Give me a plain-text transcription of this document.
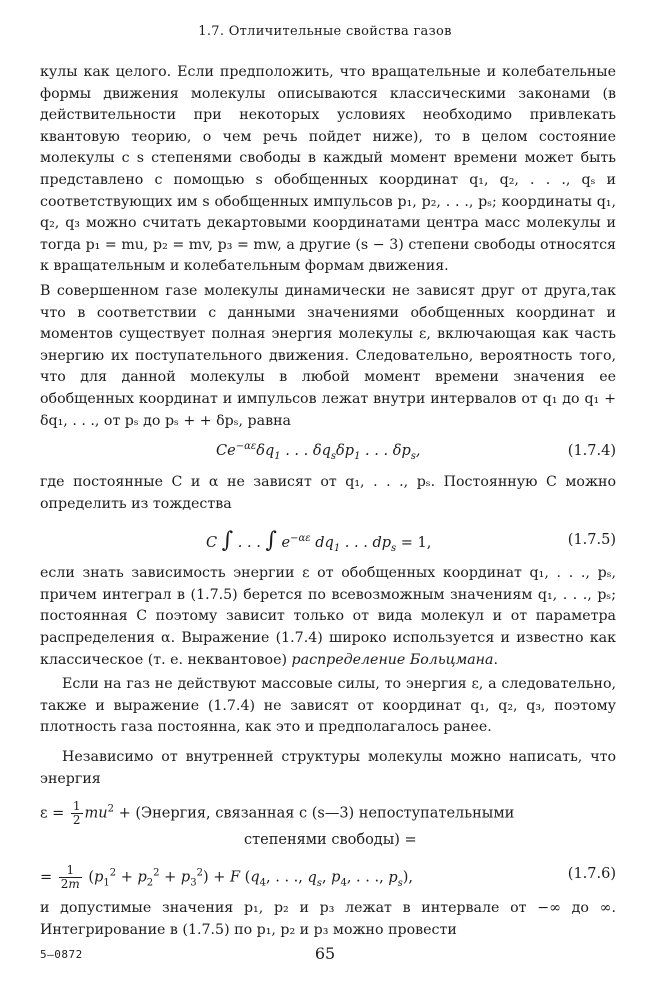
1.7. Отличительные свойства газов

кулы как целого. Если предположить, что вращательные и колебательные формы движения молекулы описываются классическими законами (в действительности при некоторых условиях необходимо привлекать квантовую теорию, о чем речь пойдет ниже), то в целом состояние молекулы с s степенями свободы в каждый момент времени может быть представлено с помощью s обобщенных координат q₁, q₂, . . ., qₛ и соответствующих им s обобщенных импульсов p₁, p₂, . . ., pₛ; координаты q₁, q₂, q₃ можно считать декартовыми координатами центра масс молекулы и тогда p₁ = mu, p₂ = mv, p₃ = mw, а другие (s − 3) степени свободы относятся к вращательным и колебательным формам движения.

В совершенном газе молекулы динамически не зависят друг от друга,так что в соответствии с данными значениями обобщенных координат и моментов существует полная энергия молекулы ε, включающая как часть энергию их поступательного движения. Следовательно, вероятность того, что для данной молекулы в любой момент времени значения ее обобщенных координат и импульсов лежат внутри интервалов от q₁ до q₁ + δq₁, . . ., от pₛ до pₛ + + δpₛ, равна

$Ce^{-\alpha\varepsilon}\delta q_1$ . . . $\delta q_s\delta p_1$ . . . $\delta p_s$,	(1.7.4)

где постоянные C и α не зависят от q₁, . . ., pₛ. Постоянную C можно определить из тождества

C ∫ . . . ∫ $e^{-\alpha\varepsilon}$ $dq_1$ . . . $dp_s = 1$,	(1.7.5)

если знать зависимость энергии ε от обобщенных координат q₁, . . ., pₛ, причем интеграл в (1.7.5) берется по всевозможным значениям q₁, . . ., pₛ; постоянная C поэтому зависит только от вида молекул и от параметра распределения α. Выражение (1.7.4) широко используется и известно как классическое (т. е. неквантовое) распределение Больцмана.

Если на газ не действуют массовые силы, то энергия ε, а следовательно, также и выражение (1.7.4) не зависят от координат q₁, q₂, q₃, поэтому плотность газа постоянна, как это и предполагалось ранее.

Независимо от внутренней структуры молекулы можно написать, что энергия

$\varepsilon = \frac{1}{2} mu^2$ + (Энергия, связанная с (s—3) непоступательными
степенями свободы) =
= $\frac{1}{2m} (p_1^2 + p_2^2 + p_3^2) + F$ ($q_4$, . . ., $q_s$, $p_4$, . . ., $p_s$),	(1.7.6)

и допустимые значения p₁, p₂ и p₃ лежат в интервале от −∞ до ∞. Интегрирование в (1.7.5) по p₁, p₂ и p₃ можно провести

5—0872	65
